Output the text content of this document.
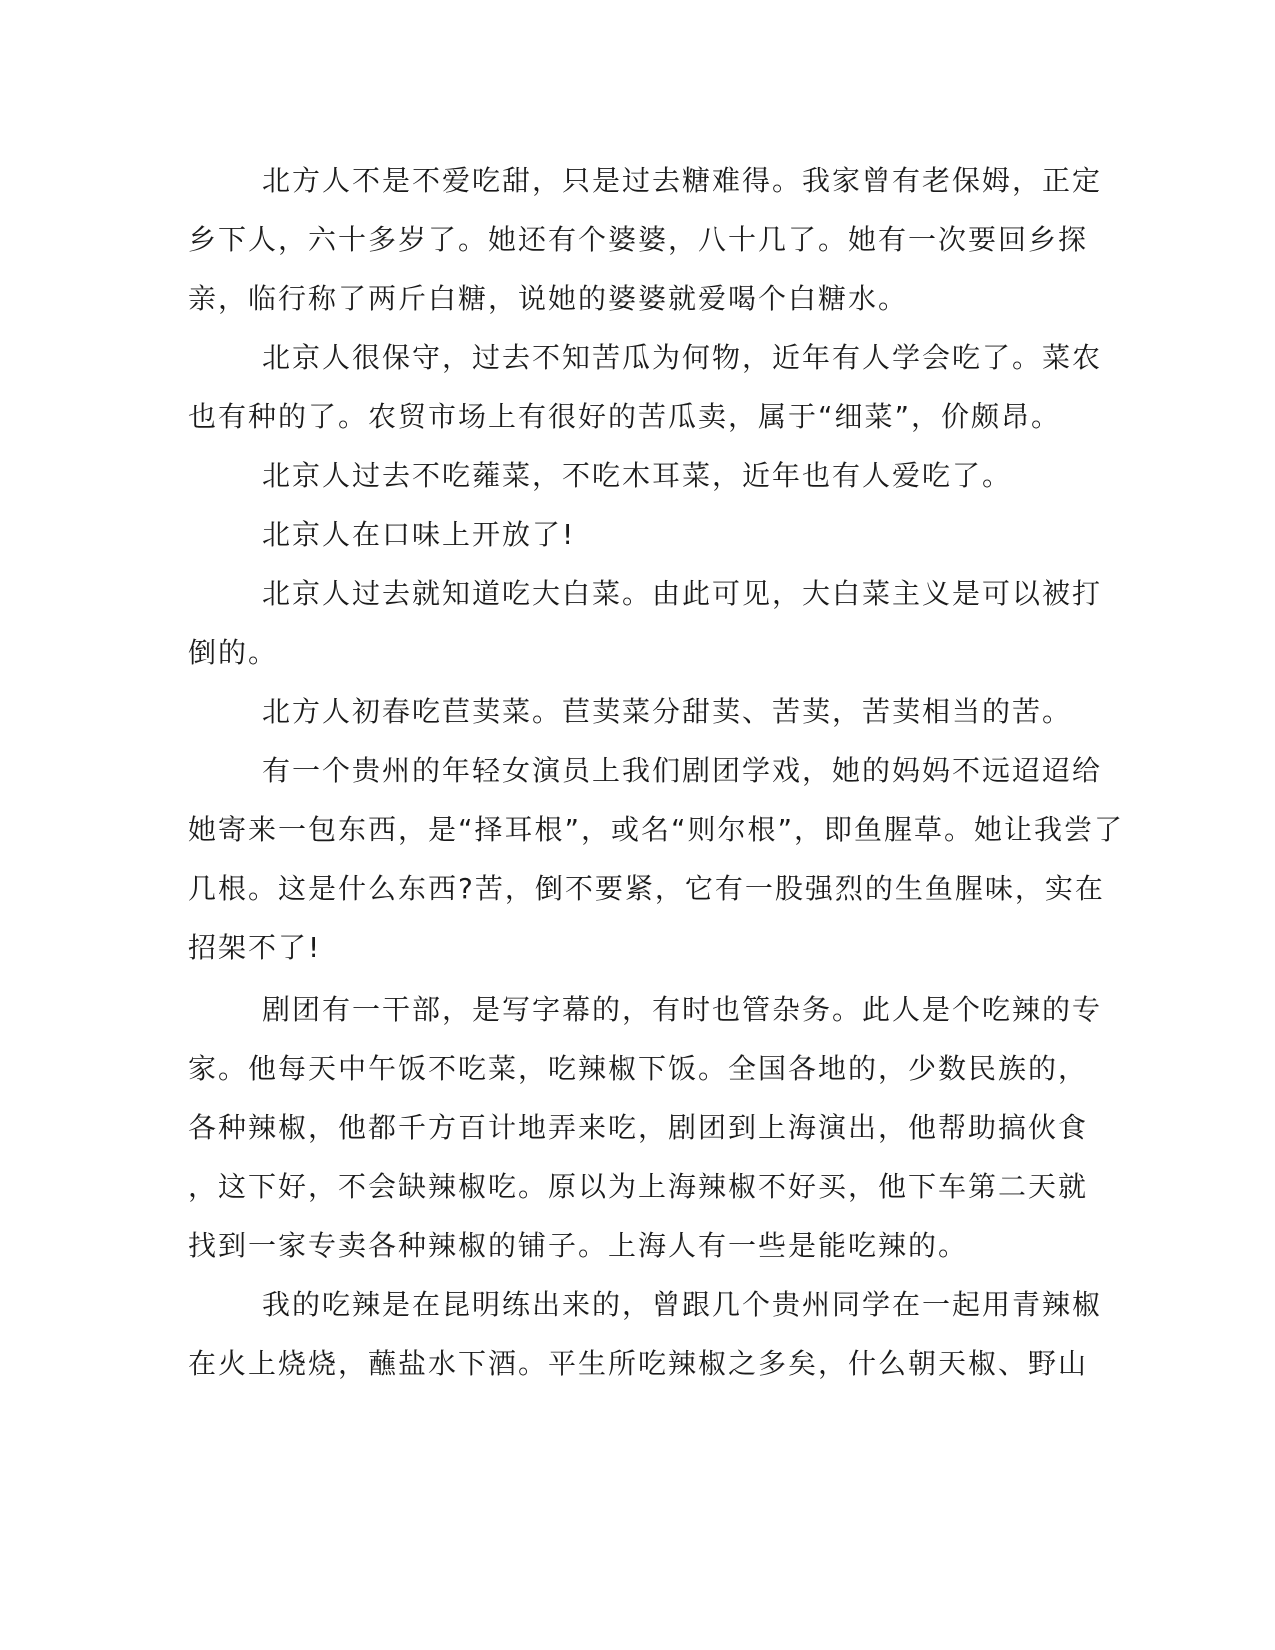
北方人不是不爱吃甜，只是过去糖难得。我家曾有老保姆，正定
乡下人，六十多岁了。她还有个婆婆，八十几了。她有一次要回乡探
亲，临行称了两斤白糖，说她的婆婆就爱喝个白糖水。
北京人很保守，过去不知苦瓜为何物，近年有人学会吃了。菜农
也有种的了。农贸市场上有很好的苦瓜卖，属于“细菜”，价颇昂。
北京人过去不吃蕹菜，不吃木耳菜，近年也有人爱吃了。
北京人在口味上开放了!
北京人过去就知道吃大白菜。由此可见，大白菜主义是可以被打
倒的。
北方人初春吃苣荬菜。苣荬菜分甜荬、苦荬，苦荬相当的苦。
有一个贵州的年轻女演员上我们剧团学戏，她的妈妈不远迢迢给
她寄来一包东西，是“择耳根”，或名“则尔根”，即鱼腥草。她让我尝了
几根。这是什么东西?苦，倒不要紧，它有一股强烈的生鱼腥味，实在
招架不了!
剧团有一干部，是写字幕的，有时也管杂务。此人是个吃辣的专
家。他每天中午饭不吃菜，吃辣椒下饭。全国各地的，少数民族的，
各种辣椒，他都千方百计地弄来吃，剧团到上海演出，他帮助搞伙食
，这下好，不会缺辣椒吃。原以为上海辣椒不好买，他下车第二天就
找到一家专卖各种辣椒的铺子。上海人有一些是能吃辣的。
我的吃辣是在昆明练出来的，曾跟几个贵州同学在一起用青辣椒
在火上烧烧，蘸盐水下酒。平生所吃辣椒之多矣，什么朝天椒、野山
